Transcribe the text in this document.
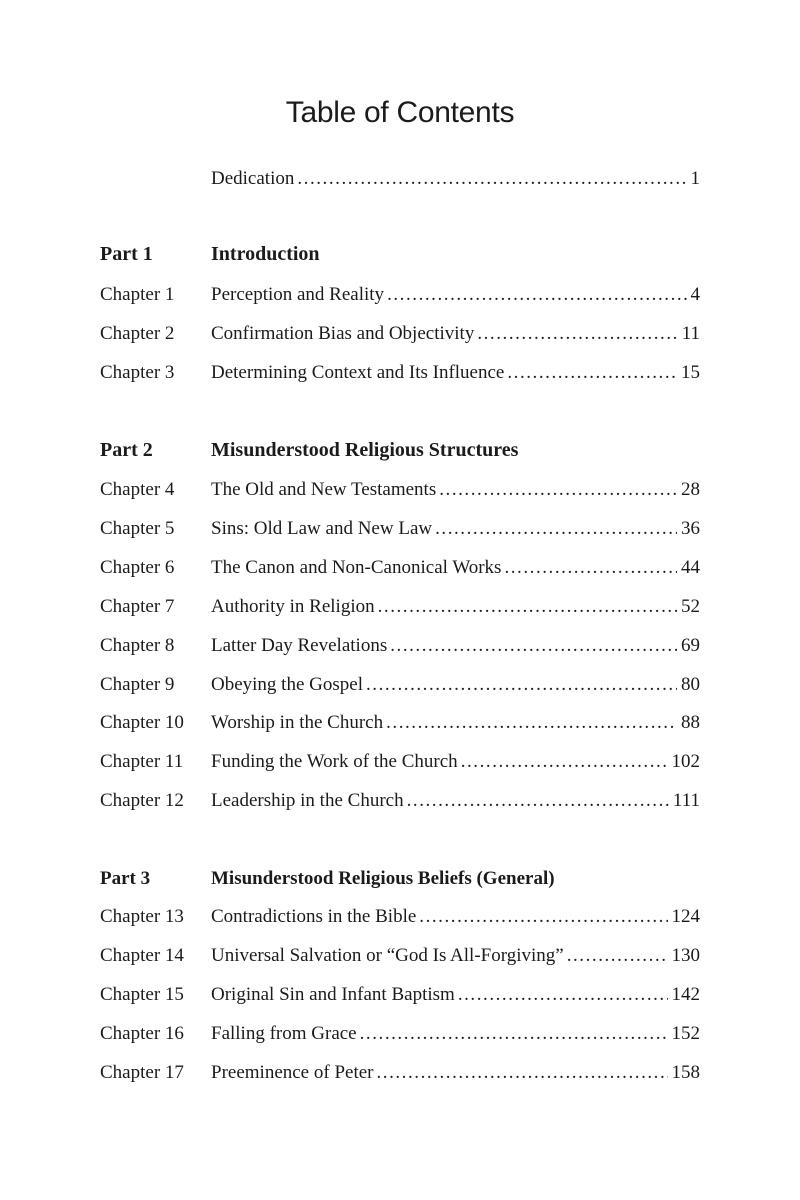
Table of Contents
Dedication . . .	1
Part 1	Introduction
Chapter 1 Perception and Reality . . .	4
Chapter 2 Confirmation Bias and Objectivity . . .	11
Chapter 3 Determining Context and Its Influence . . .	15
Part 2	Misunderstood Religious Structures
Chapter 4 The Old and New Testaments . . .	28
Chapter 5 Sins: Old Law and New Law . . .	36
Chapter 6 The Canon and Non-Canonical Works . . .	44
Chapter 7 Authority in Religion . . .	52
Chapter 8 Latter Day Revelations . . .	69
Chapter 9 Obeying the Gospel . . .	80
Chapter 10 Worship in the Church . . .	88
Chapter 11 Funding the Work of the Church . . .	102
Chapter 12 Leadership in the Church . . .	111
Part 3	Misunderstood Religious Beliefs (General)
Chapter 13 Contradictions in the Bible . . .	124
Chapter 14 Universal Salvation or “God Is All-Forgiving” . . .	130
Chapter 15 Original Sin and Infant Baptism . . .	142
Chapter 16 Falling from Grace . . .	152
Chapter 17 Preeminence of Peter . . .	158
